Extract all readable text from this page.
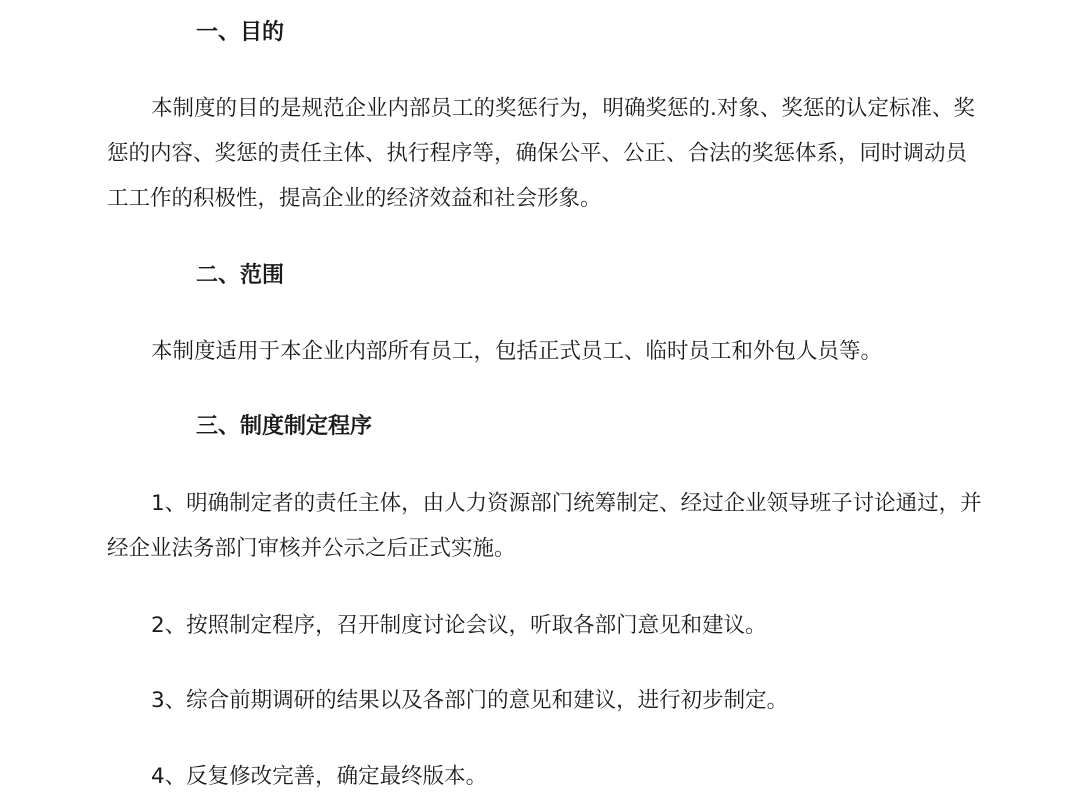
一、目的

本制度的目的是规范企业内部员工的奖惩行为，明确奖惩的.对象、奖惩的认定标准、奖惩的内容、奖惩的责任主体、执行程序等，确保公平、公正、合法的奖惩体系，同时调动员工工作的积极性，提高企业的经济效益和社会形象。

二、范围

本制度适用于本企业内部所有员工，包括正式员工、临时员工和外包人员等。

三、制度制定程序

1、明确制定者的责任主体，由人力资源部门统筹制定、经过企业领导班子讨论通过，并经企业法务部门审核并公示之后正式实施。

2、按照制定程序，召开制度讨论会议，听取各部门意见和建议。

3、综合前期调研的结果以及各部门的意见和建议，进行初步制定。

4、反复修改完善，确定最终版本。
